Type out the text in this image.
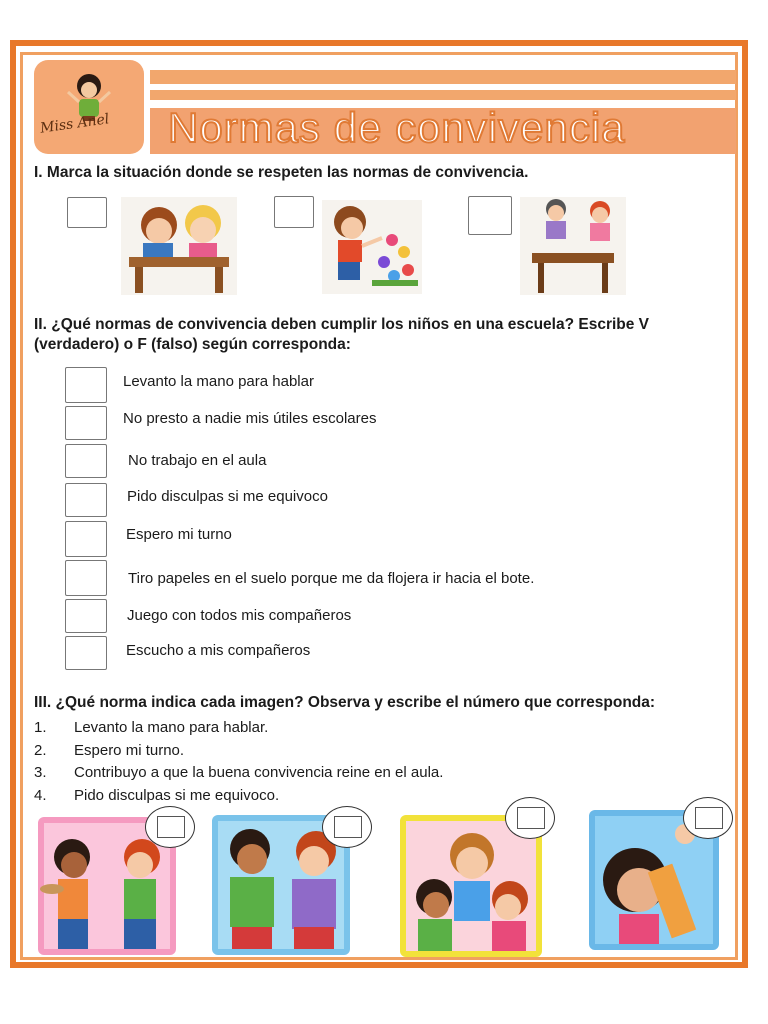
Miss Anel Normas de convivencia
I. Marca la situación donde se respeten las normas de convivencia.
II. ¿Qué normas de convivencia deben cumplir los niños en una escuela? Escribe V
(verdadero) o F (falso) según corresponda:
Levanto la mano para hablar
No presto a nadie mis útiles escolares
No trabajo en el aula
Pido disculpas si me equivoco
Espero mi turno
Tiro papeles en el suelo porque me da flojera ir hacia el bote.
Juego con todos mis compañeros
Escucho a mis compañeros
III. ¿Qué norma indica cada imagen? Observa y escribe el número que corresponda:
1.	Levanto la mano para hablar.
2.	Espero mi turno.
3.	Contribuyo a que la buena convivencia reine en el aula.
4.	Pido disculpas si me equivoco.
